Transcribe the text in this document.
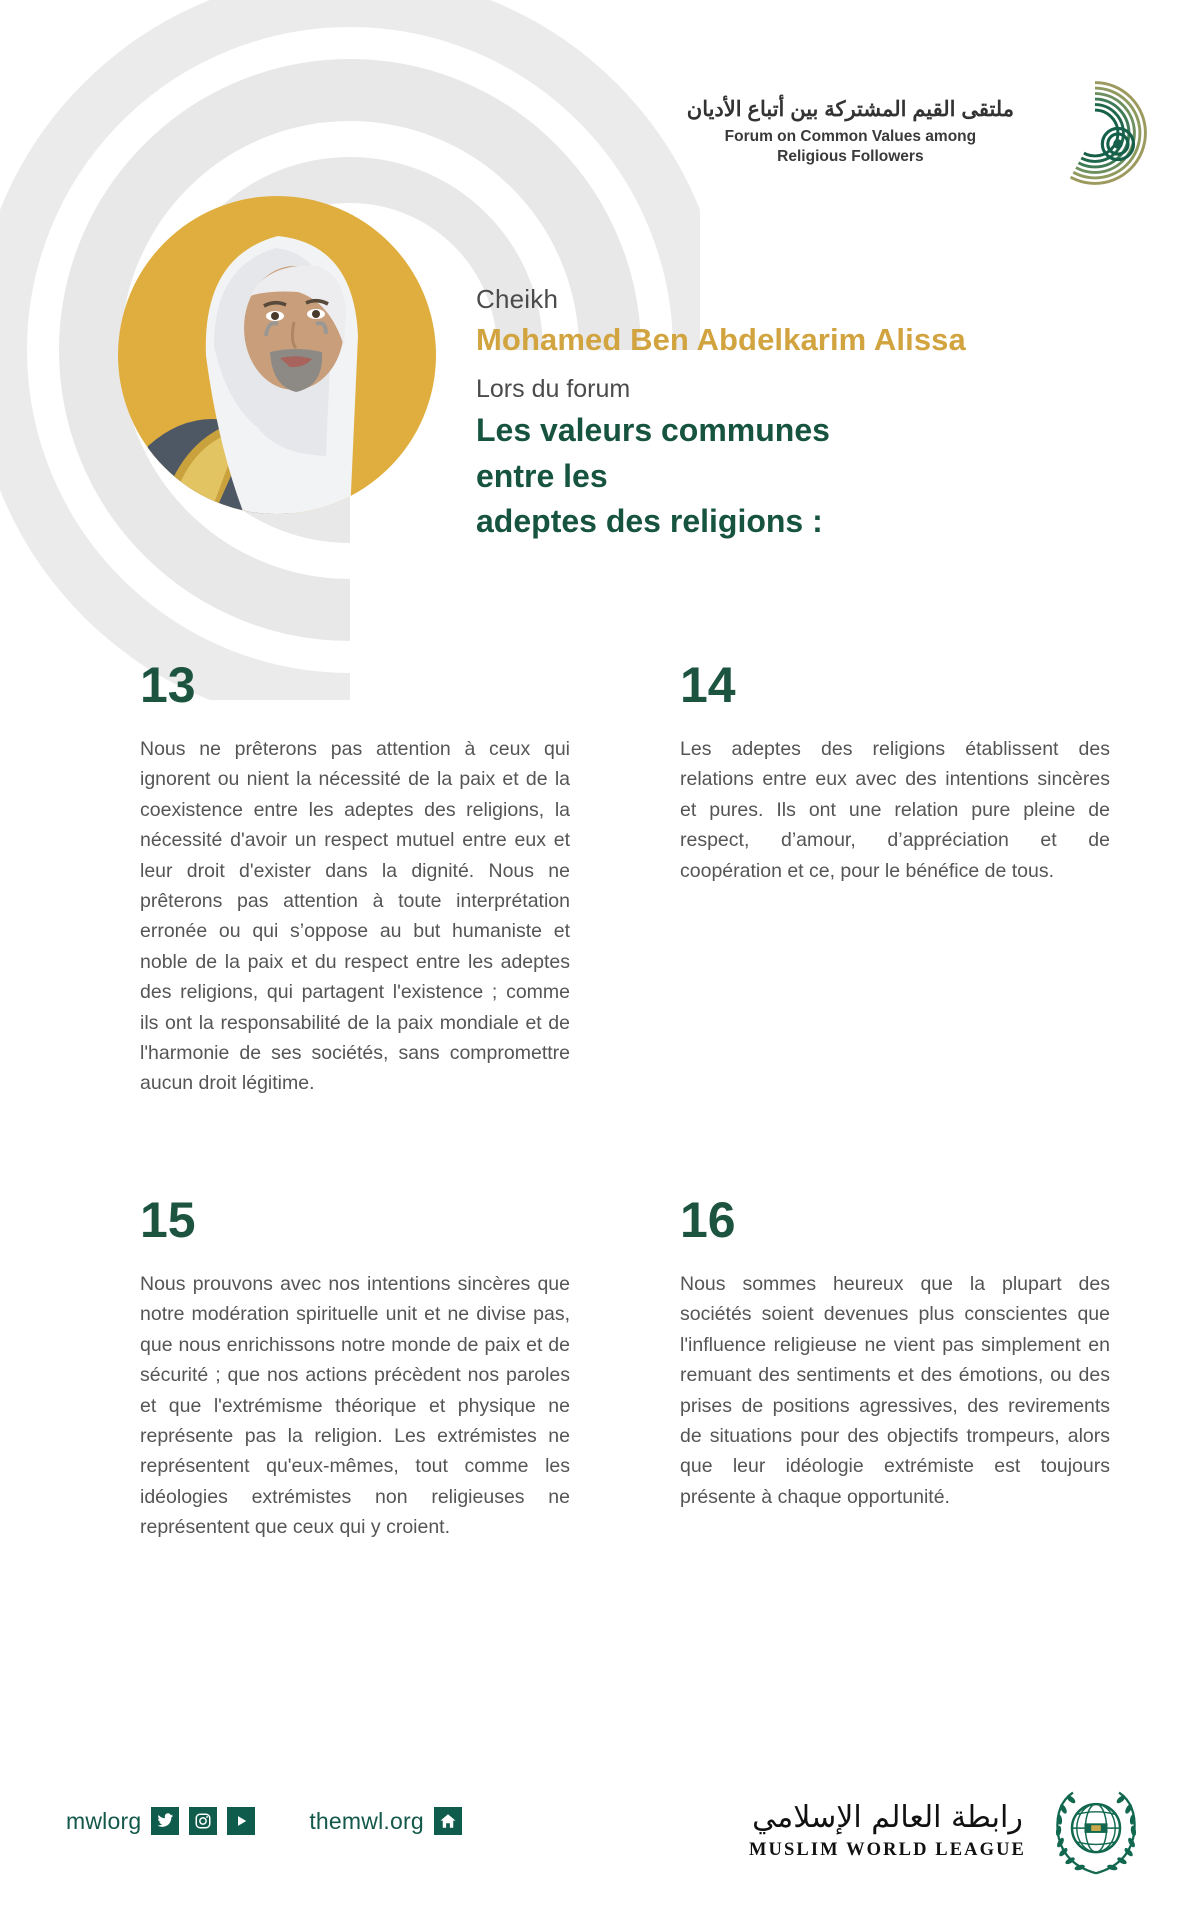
ملتقى القيم المشتركة بين أتباع الأديان
Forum on Common Values among
Religious Followers
Cheikh
Mohamed Ben Abdelkarim Alissa
Lors du forum
Les valeurs communes entre les
adeptes des religions :
13
Nous ne prêterons pas attention à ceux qui ignorent ou nient la nécessité de la paix et de la coexistence entre les adeptes des religions, la nécessité d'avoir un respect mutuel entre eux et leur droit d'exister dans la dignité. Nous ne prêterons pas attention à toute interprétation erronée ou qui s’oppose au but humaniste et noble de la paix et du respect entre les adeptes des religions, qui partagent l'existence ; comme ils ont la responsabilité de la paix mondiale et de l'harmonie de ses sociétés, sans compromettre aucun droit légitime.
14
Les adeptes des religions établissent des relations entre eux avec des intentions sincères et pures. Ils ont une relation pure pleine de respect, d’amour, d’appréciation et de coopération et ce, pour le bénéfice de tous.
15
Nous prouvons avec nos intentions sincères que notre modération spirituelle unit et ne divise pas, que nous enrichissons notre monde de paix et de sécurité ; que nos actions précèdent nos paroles et que l'extrémisme théorique et physique ne représente pas la religion. Les extrémistes ne représentent qu'eux-mêmes, tout comme les idéologies extrémistes non religieuses ne représentent que ceux qui y croient.
16
Nous sommes heureux que la plupart des sociétés soient devenues plus conscientes que l'influence religieuse ne vient pas simplement en remuant des sentiments et des émotions, ou des prises de positions agressives, des revirements de situations pour des objectifs trompeurs, alors que leur idéologie extrémiste est toujours présente à chaque opportunité.
mwlorg	themwl.org	رابطة العالم الإسلامي
MUSLIM WORLD LEAGUE
